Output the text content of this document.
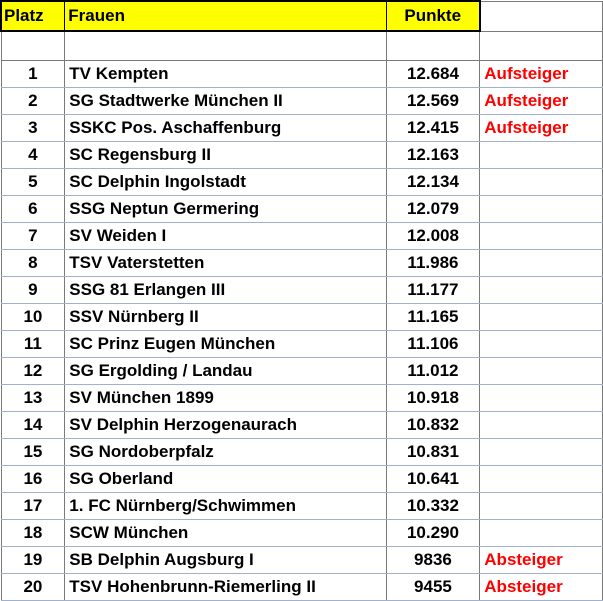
Platz	Frauen	Punkte	

1	TV Kempten	12.684	Aufsteiger
2	SG Stadtwerke München II	12.569	Aufsteiger
3	SSKC Pos. Aschaffenburg	12.415	Aufsteiger
4	SC Regensburg II	12.163	
5	SC Delphin Ingolstadt	12.134	
6	SSG Neptun Germering	12.079	
7	SV Weiden I	12.008	
8	TSV Vaterstetten	11.986	
9	SSG 81 Erlangen III	11.177	
10	SSV Nürnberg II	11.165	
11	SC Prinz Eugen München	11.106	
12	SG Ergolding / Landau	11.012	
13	SV München 1899	10.918	
14	SV Delphin Herzogenaurach	10.832	
15	SG Nordoberpfalz	10.831	
16	SG Oberland	10.641	
17	1. FC Nürnberg/Schwimmen	10.332	
18	SCW München	10.290	
19	SB Delphin Augsburg I	9836	Absteiger
20	TSV Hohenbrunn-Riemerling II	9455	Absteiger
